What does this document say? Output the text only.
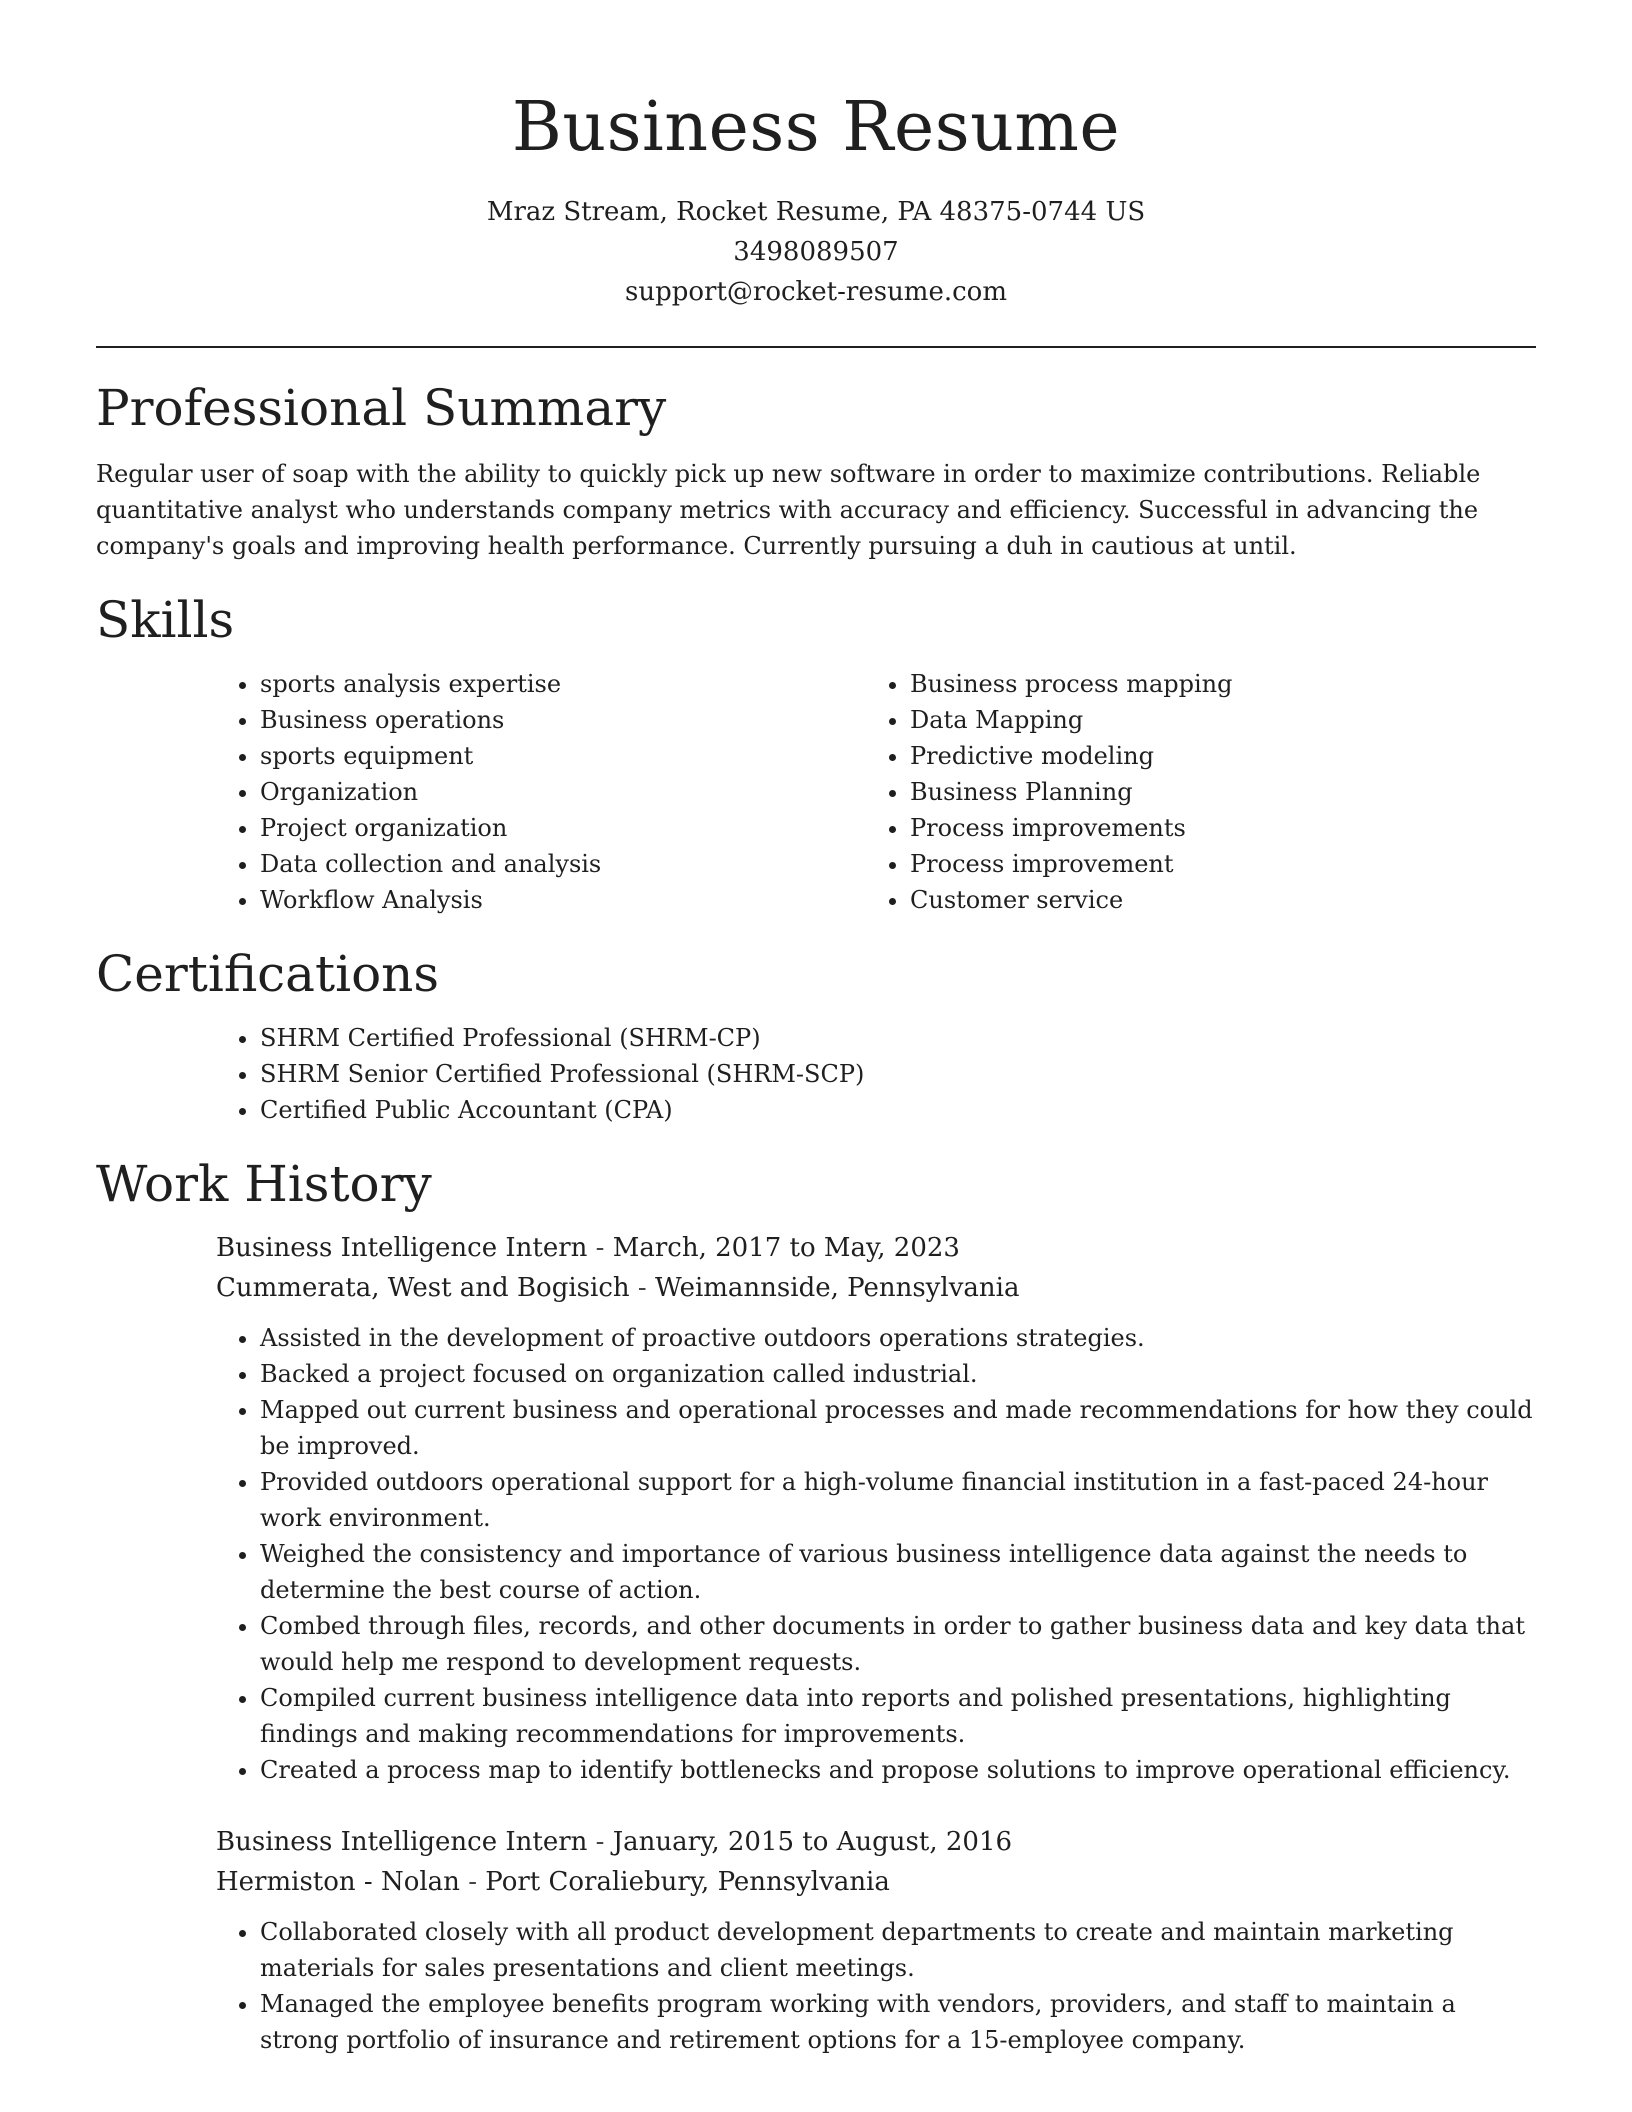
Business Resume
Mraz Stream, Rocket Resume, PA 48375-0744 US
3498089507
support@rocket-resume.com
Professional Summary

Regular user of soap with the ability to quickly pick up new software in order to maximize contributions. Reliable quantitative analyst who understands company metrics with accuracy and efficiency. Successful in advancing the company's goals and improving health performance. Currently pursuing a duh in cautious at until.

Skills
• sports analysis expertise
• Business operations
• sports equipment
• Organization
• Project organization
• Data collection and analysis
• Workflow Analysis
• Business process mapping
• Data Mapping
• Predictive modeling
• Business Planning
• Process improvements
• Process improvement
• Customer service
Certifications
• SHRM Certified Professional (SHRM-CP)
• SHRM Senior Certified Professional (SHRM-SCP)
• Certified Public Accountant (CPA)
Work History

Business Intelligence Intern - March, 2017 to May, 2023

Cummerata, West and Bogisich - Weimannside, Pennsylvania

• Assisted in the development of proactive outdoors operations strategies.
• Backed a project focused on organization called industrial.
• Mapped out current business and operational processes and made recommendations for how they could be improved.
• Provided outdoors operational support for a high-volume financial institution in a fast-paced 24-hour work environment.
• Weighed the consistency and importance of various business intelligence data against the needs to determine the best course of action.
• Combed through files, records, and other documents in order to gather business data and key data that would help me respond to development requests.
• Compiled current business intelligence data into reports and polished presentations, highlighting findings and making recommendations for improvements.
• Created a process map to identify bottlenecks and propose solutions to improve operational efficiency.

Business Intelligence Intern - January, 2015 to August, 2016

Hermiston - Nolan - Port Coraliebury, Pennsylvania

• Collaborated closely with all product development departments to create and maintain marketing materials for sales presentations and client meetings.
• Managed the employee benefits program working with vendors, providers, and staff to maintain a strong portfolio of insurance and retirement options for a 15-employee company.
